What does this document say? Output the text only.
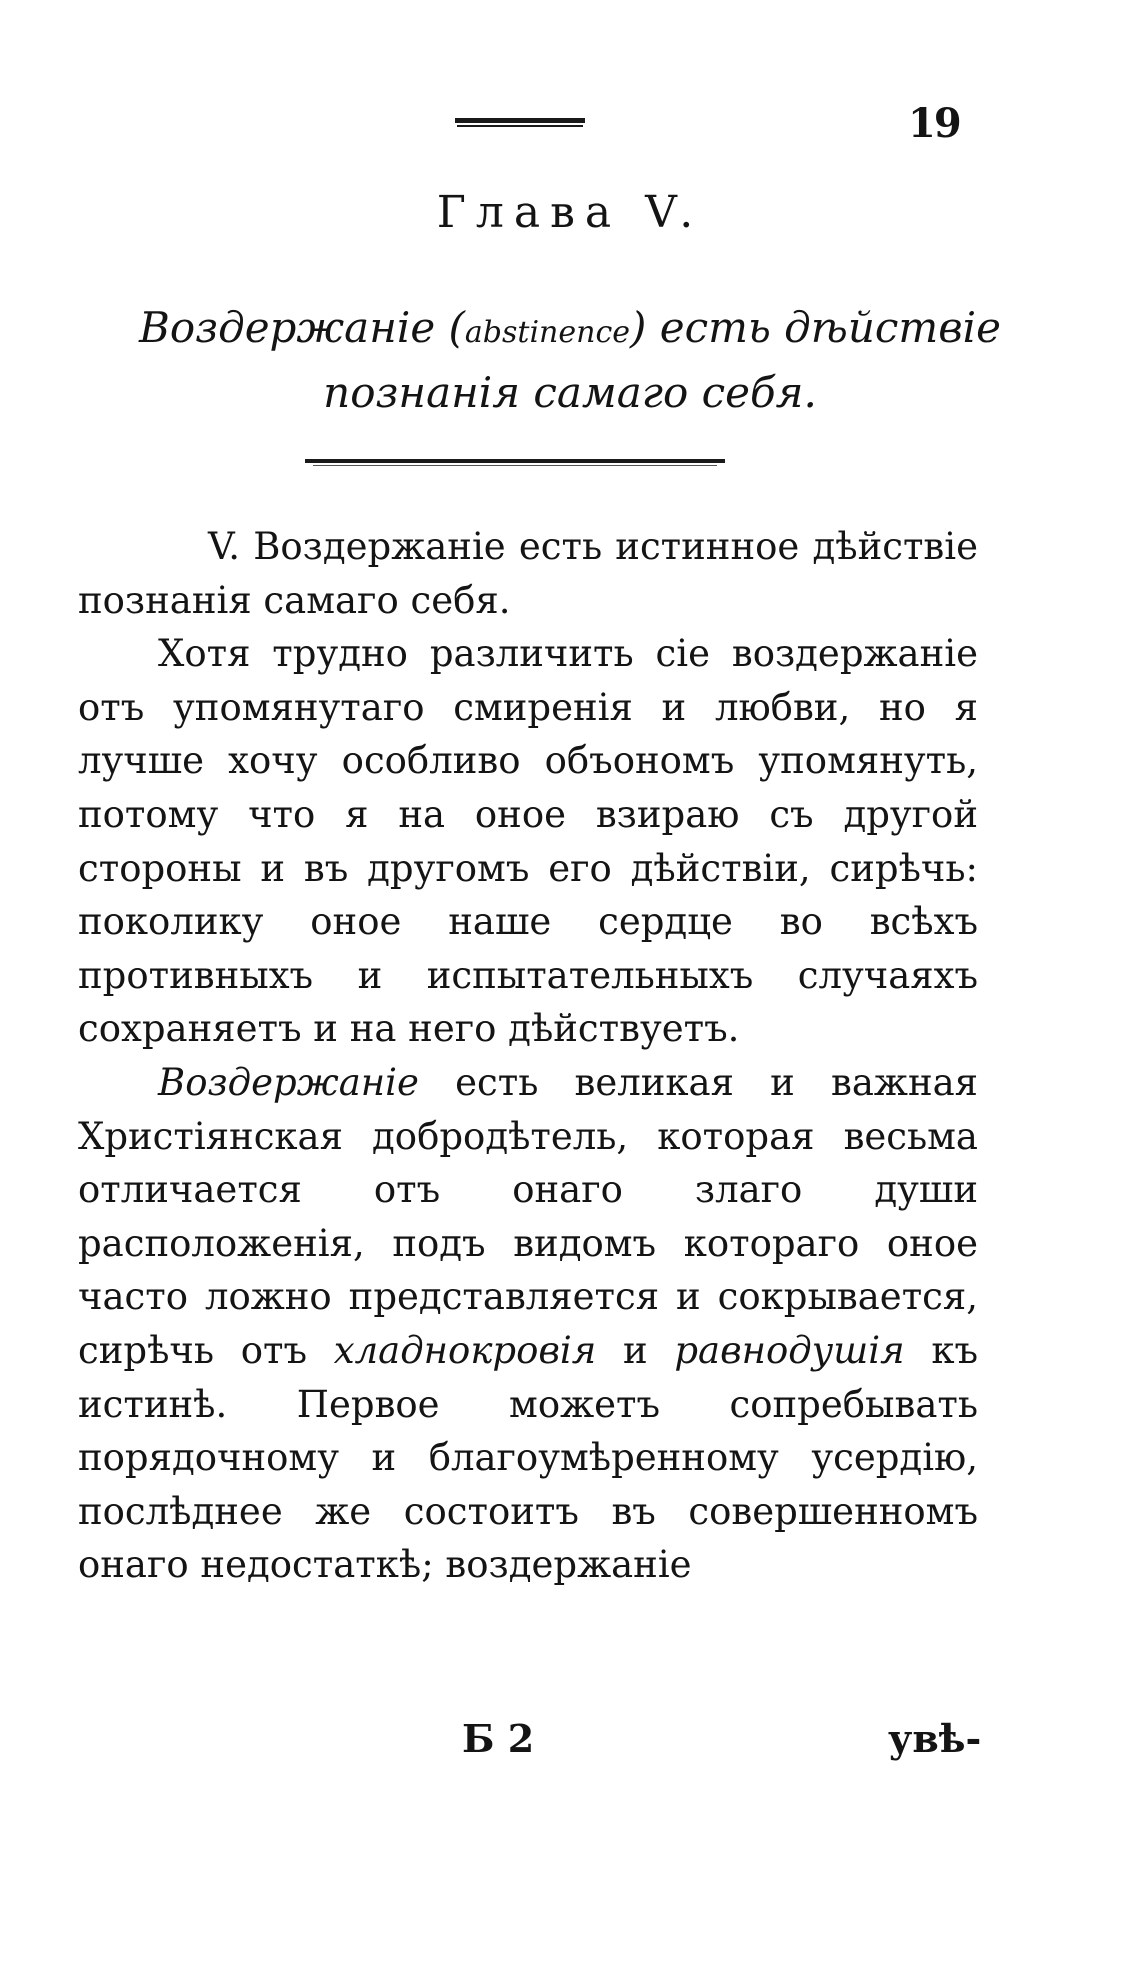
19
Глава V.
Воздержаніе (abstinence) есть дѣйствіе
познанія самаго себя.

V. Воздержаніе есть истинное дѣйствіе познанія самаго себя.

Хотя трудно различить сіе воздержаніе отъ упомянутаго смиренія и любви, но я лучше хочу особливо объономъ упомянуть, потому что я на оное взираю съ другой стороны и въ другомъ его дѣйствіи, сирѣчь: поколику оное наше сердце во всѣхъ противныхъ и испытательныхъ случаяхъ сохраняетъ и на него дѣйствуетъ.

Воздержаніе есть великая и важная Христіянская добродѣтель, которая весьма отличается отъ онаго злаго души расположенія, подъ видомъ котораго оное часто ложно представляется и сокрывается, сирѣчь отъ хладнокровія и равнодушія къ истинѣ. Первое можетъ сопребывать порядочному и благоумѣренному усердію, послѣднее же состоитъ въ совершенномъ онаго недостаткѣ; воздержаніе

Б 2	увѣ-
